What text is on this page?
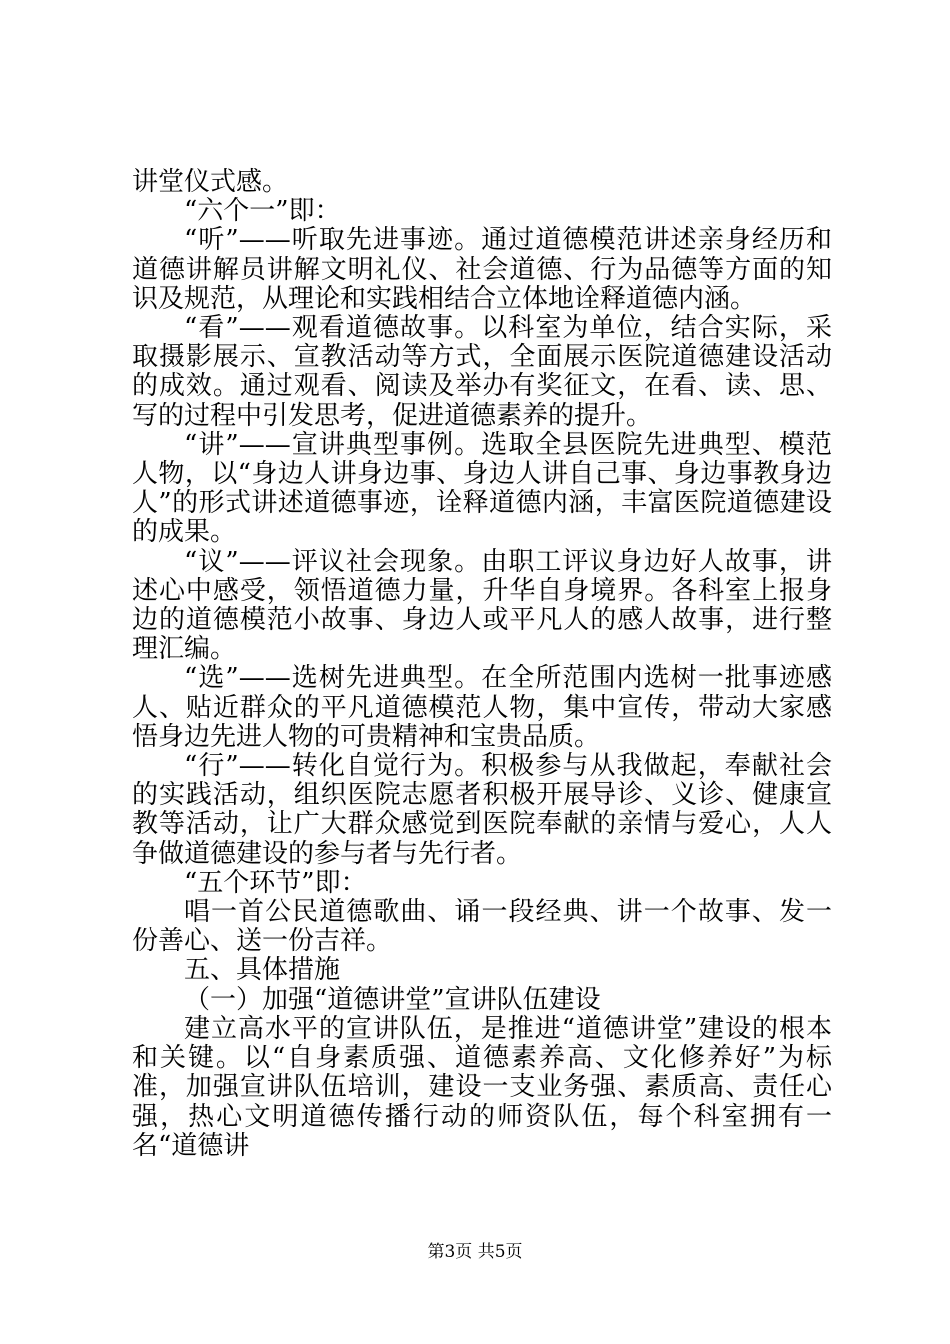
讲堂仪式感。

“六个一”即：

“听”——听取先进事迹。通过道德模范讲述亲身经历和道德讲解员讲解文明礼仪、社会道德、行为品德等方面的知识及规范，从理论和实践相结合立体地诠释道德内涵。

“看”——观看道德故事。以科室为单位，结合实际，采取摄影展示、宣教活动等方式，全面展示医院道德建设活动的成效。通过观看、阅读及举办有奖征文，在看、读、思、写的过程中引发思考，促进道德素养的提升。

“讲”——宣讲典型事例。选取全县医院先进典型、模范人物，以“身边人讲身边事、身边人讲自己事、身边事教身边人”的形式讲述道德事迹，诠释道德内涵，丰富医院道德建设的成果。

“议”——评议社会现象。由职工评议身边好人故事，讲述心中感受，领悟道德力量，升华自身境界。各科室上报身边的道德模范小故事、身边人或平凡人的感人故事，进行整理汇编。

“选”——选树先进典型。在全所范围内选树一批事迹感人、贴近群众的平凡道德模范人物，集中宣传，带动大家感悟身边先进人物的可贵精神和宝贵品质。

“行”——转化自觉行为。积极参与从我做起，奉献社会的实践活动，组织医院志愿者积极开展导诊、义诊、健康宣教等活动，让广大群众感觉到医院奉献的亲情与爱心，人人争做道德建设的参与者与先行者。

“五个环节”即：

唱一首公民道德歌曲、诵一段经典、讲一个故事、发一份善心、送一份吉祥。

五、具体措施

（一）加强“道德讲堂”宣讲队伍建设

建立高水平的宣讲队伍，是推进“道德讲堂”建设的根本和关键。以“自身素质强、道德素养高、文化修养好”为标准，加强宣讲队伍培训，建设一支业务强、素质高、责任心强，热心文明道德传播行动的师资队伍，每个科室拥有一名“道德讲

第3页 共5页
